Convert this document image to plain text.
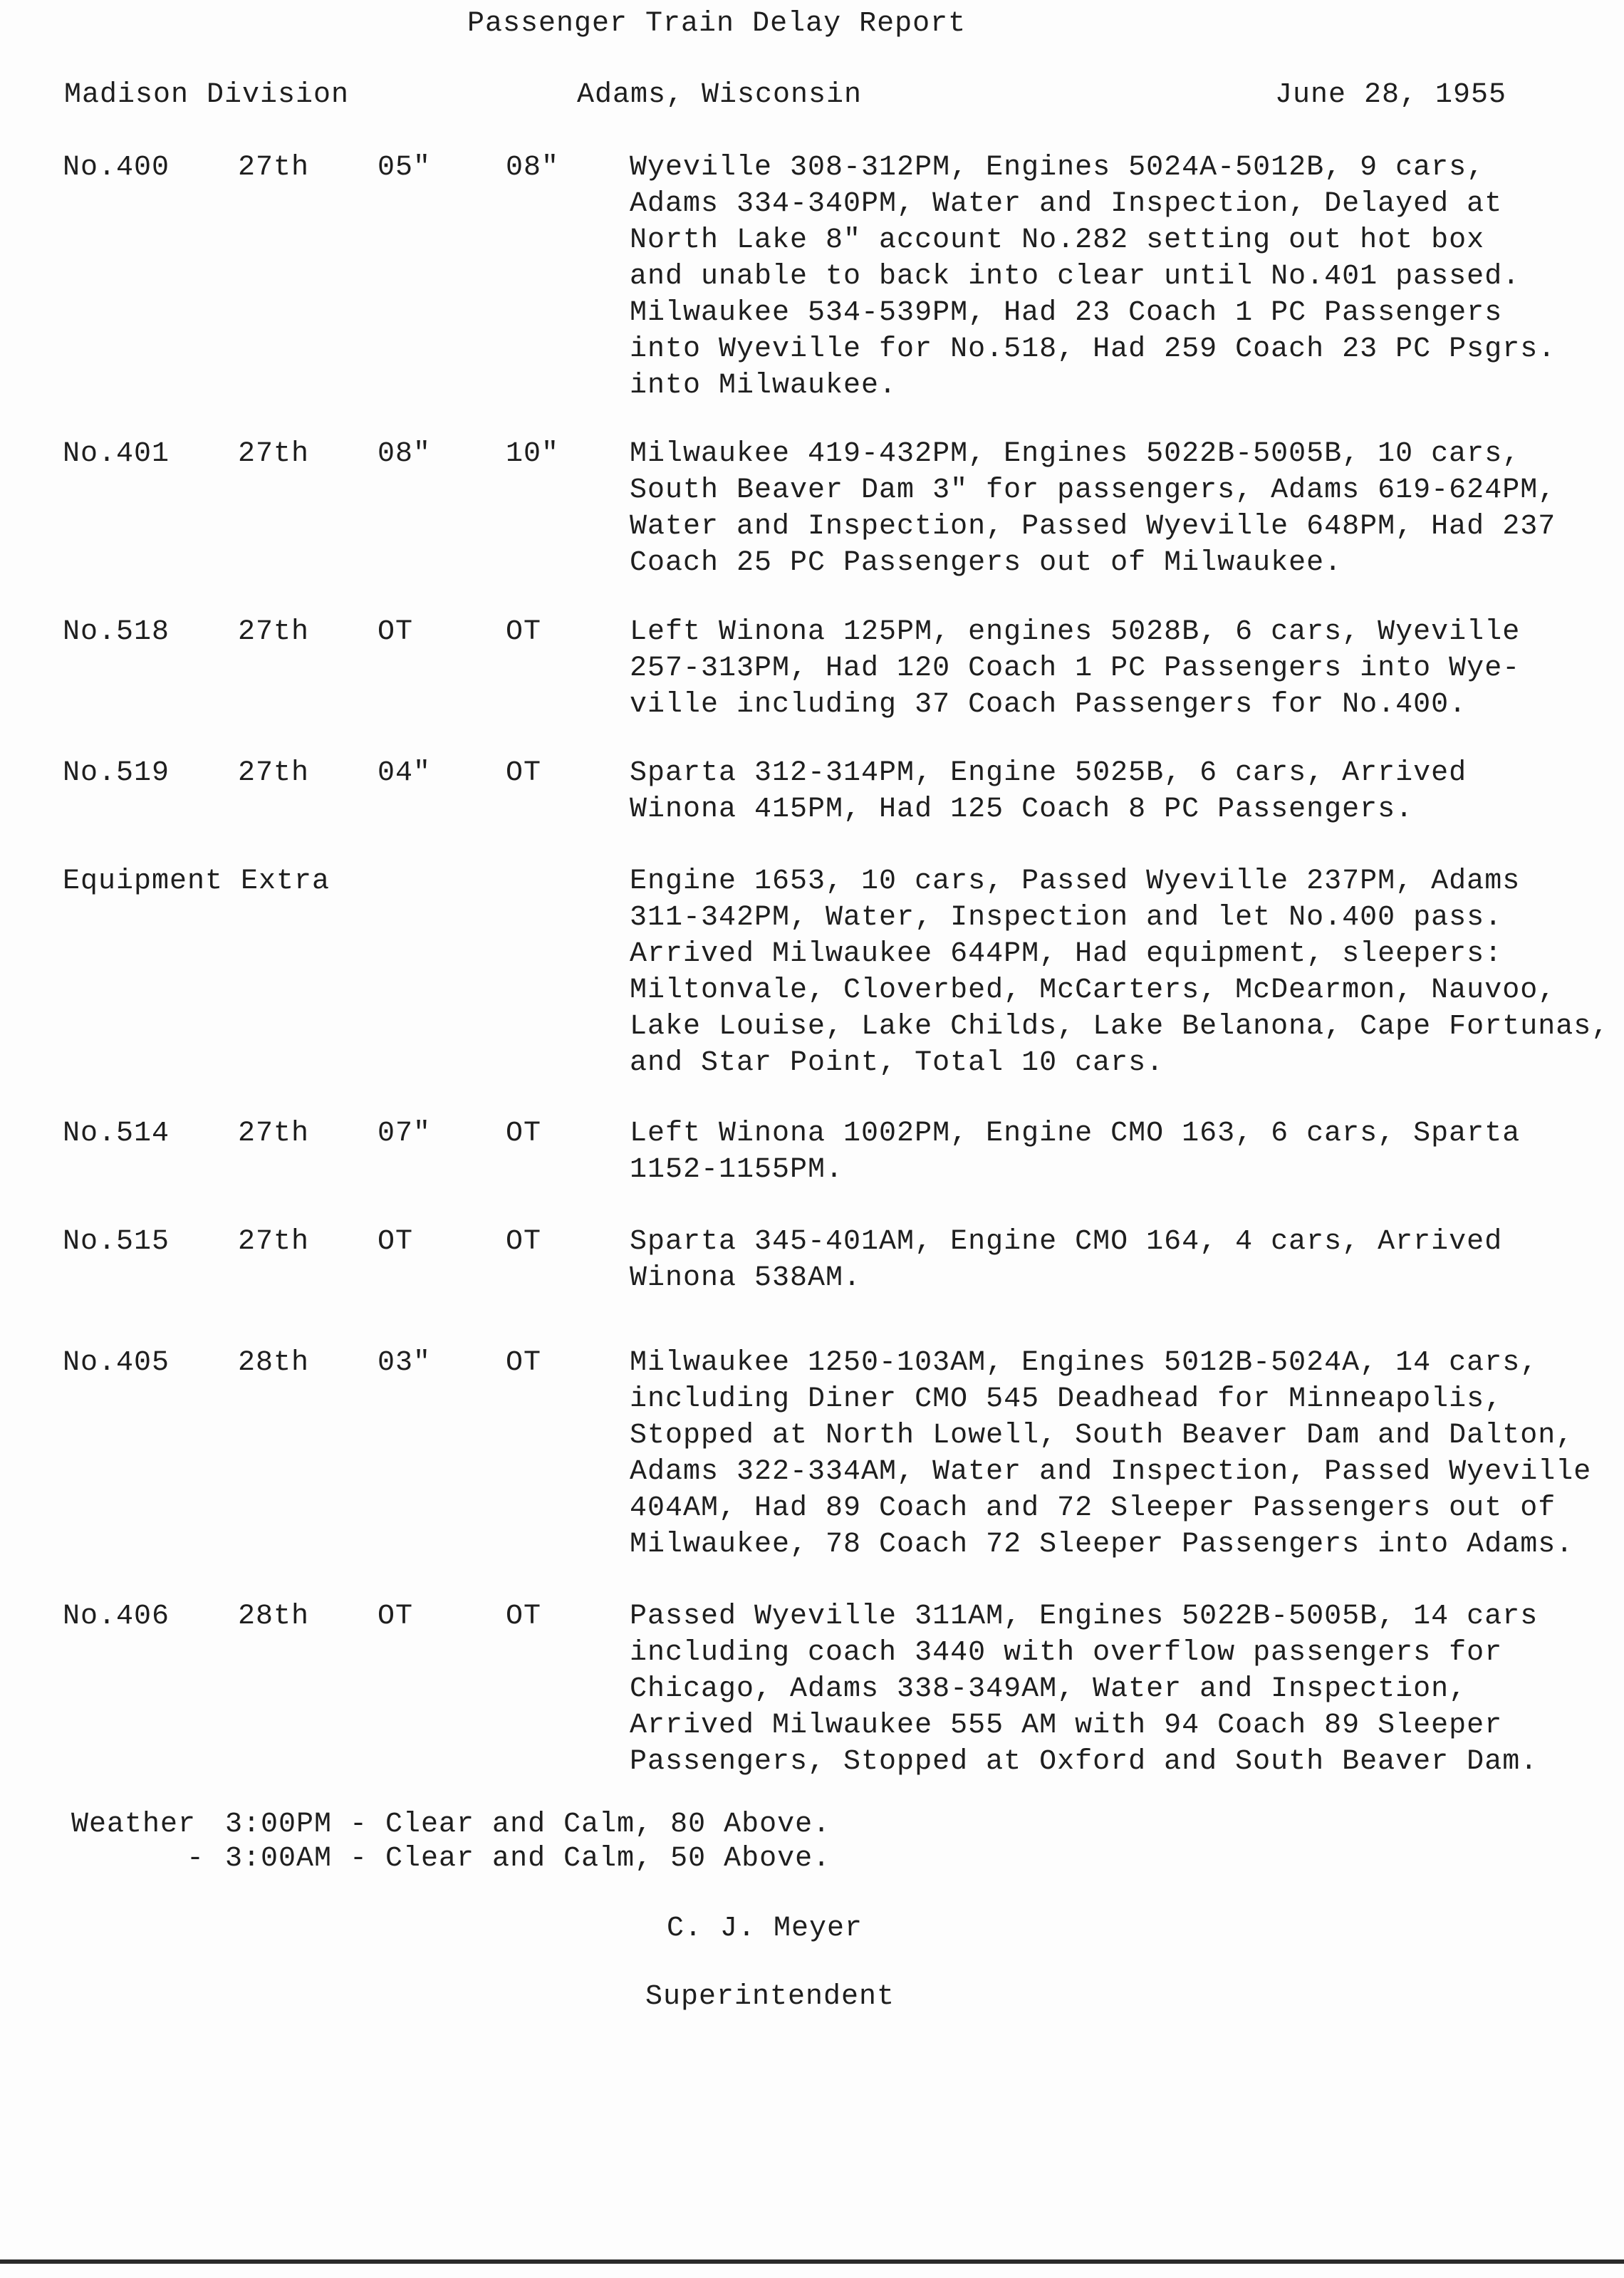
Passenger Train Delay Report
Madison Division	Adams, Wisconsin	June 28, 1955
No.400 27th 05"	08" Wyeville 308-312PM, Engines 5024A-5012B, 9 cars,
Adams 334-340PM, Water and Inspection, Delayed at
North Lake 8" account No.282 setting out hot box
and unable to back into clear until No.401 passed.
Milwaukee 534-539PM, Had 23 Coach 1 PC Passengers
into Wyeville for No.518, Had 259 Coach 23 PC Psgrs.
into Milwaukee.
No.401 27th 08"	10" Milwaukee 419-432PM, Engines 5022B-5005B, 10 cars,
South Beaver Dam 3" for passengers, Adams 619-624PM,
Water and Inspection, Passed Wyeville 648PM, Had 237
Coach 25 PC Passengers out of Milwaukee.
No.518 27th OT	OT	Left Winona 125PM, engines 5028B, 6 cars, Wyeville
257-313PM, Had 120 Coach 1 PC Passengers into Wye-
ville including 37 Coach Passengers for No.400.
No.519 27th 04"	OT	Sparta 312-314PM, Engine 5025B, 6 cars, Arrived
Winona 415PM, Had 125 Coach 8 PC Passengers.
Equipment Extra	Engine 1653, 10 cars, Passed Wyeville 237PM, Adams
311-342PM, Water, Inspection and let No.400 pass.
Arrived Milwaukee 644PM, Had equipment, sleepers:
Miltonvale, Cloverbed, McCarters, McDearmon, Nauvoo,
Lake Louise, Lake Childs, Lake Belanona, Cape Fortunas,
and Star Point, Total 10 cars.
No.514 27th 07"	OT	Left Winona 1002PM, Engine CMO 163, 6 cars, Sparta
1152-1155PM.
No.515 27th OT	OT	Sparta 345-401AM, Engine CMO 164, 4 cars, Arrived
Winona 538AM.
No.405 28th 03"	OT	Milwaukee 1250-103AM, Engines 5012B-5024A, 14 cars,
including Diner CMO 545 Deadhead for Minneapolis,
Stopped at North Lowell, South Beaver Dam and Dalton,
Adams 322-334AM, Water and Inspection, Passed Wyeville
404AM, Had 89 Coach and 72 Sleeper Passengers out of
Milwaukee, 78 Coach 72 Sleeper Passengers into Adams.
No.406 28th OT	OT	Passed Wyeville 311AM, Engines 5022B-5005B, 14 cars
including coach 3440 with overflow passengers for
Chicago, Adams 338-349AM, Water and Inspection,
Arrived Milwaukee 555 AM with 94 Coach 89 Sleeper
Passengers, Stopped at Oxford and South Beaver Dam.
Weather 3:00PM - Clear and Calm, 80 Above.
- 3:00AM - Clear and Calm, 50 Above.
C. J. Meyer
Superintendent
